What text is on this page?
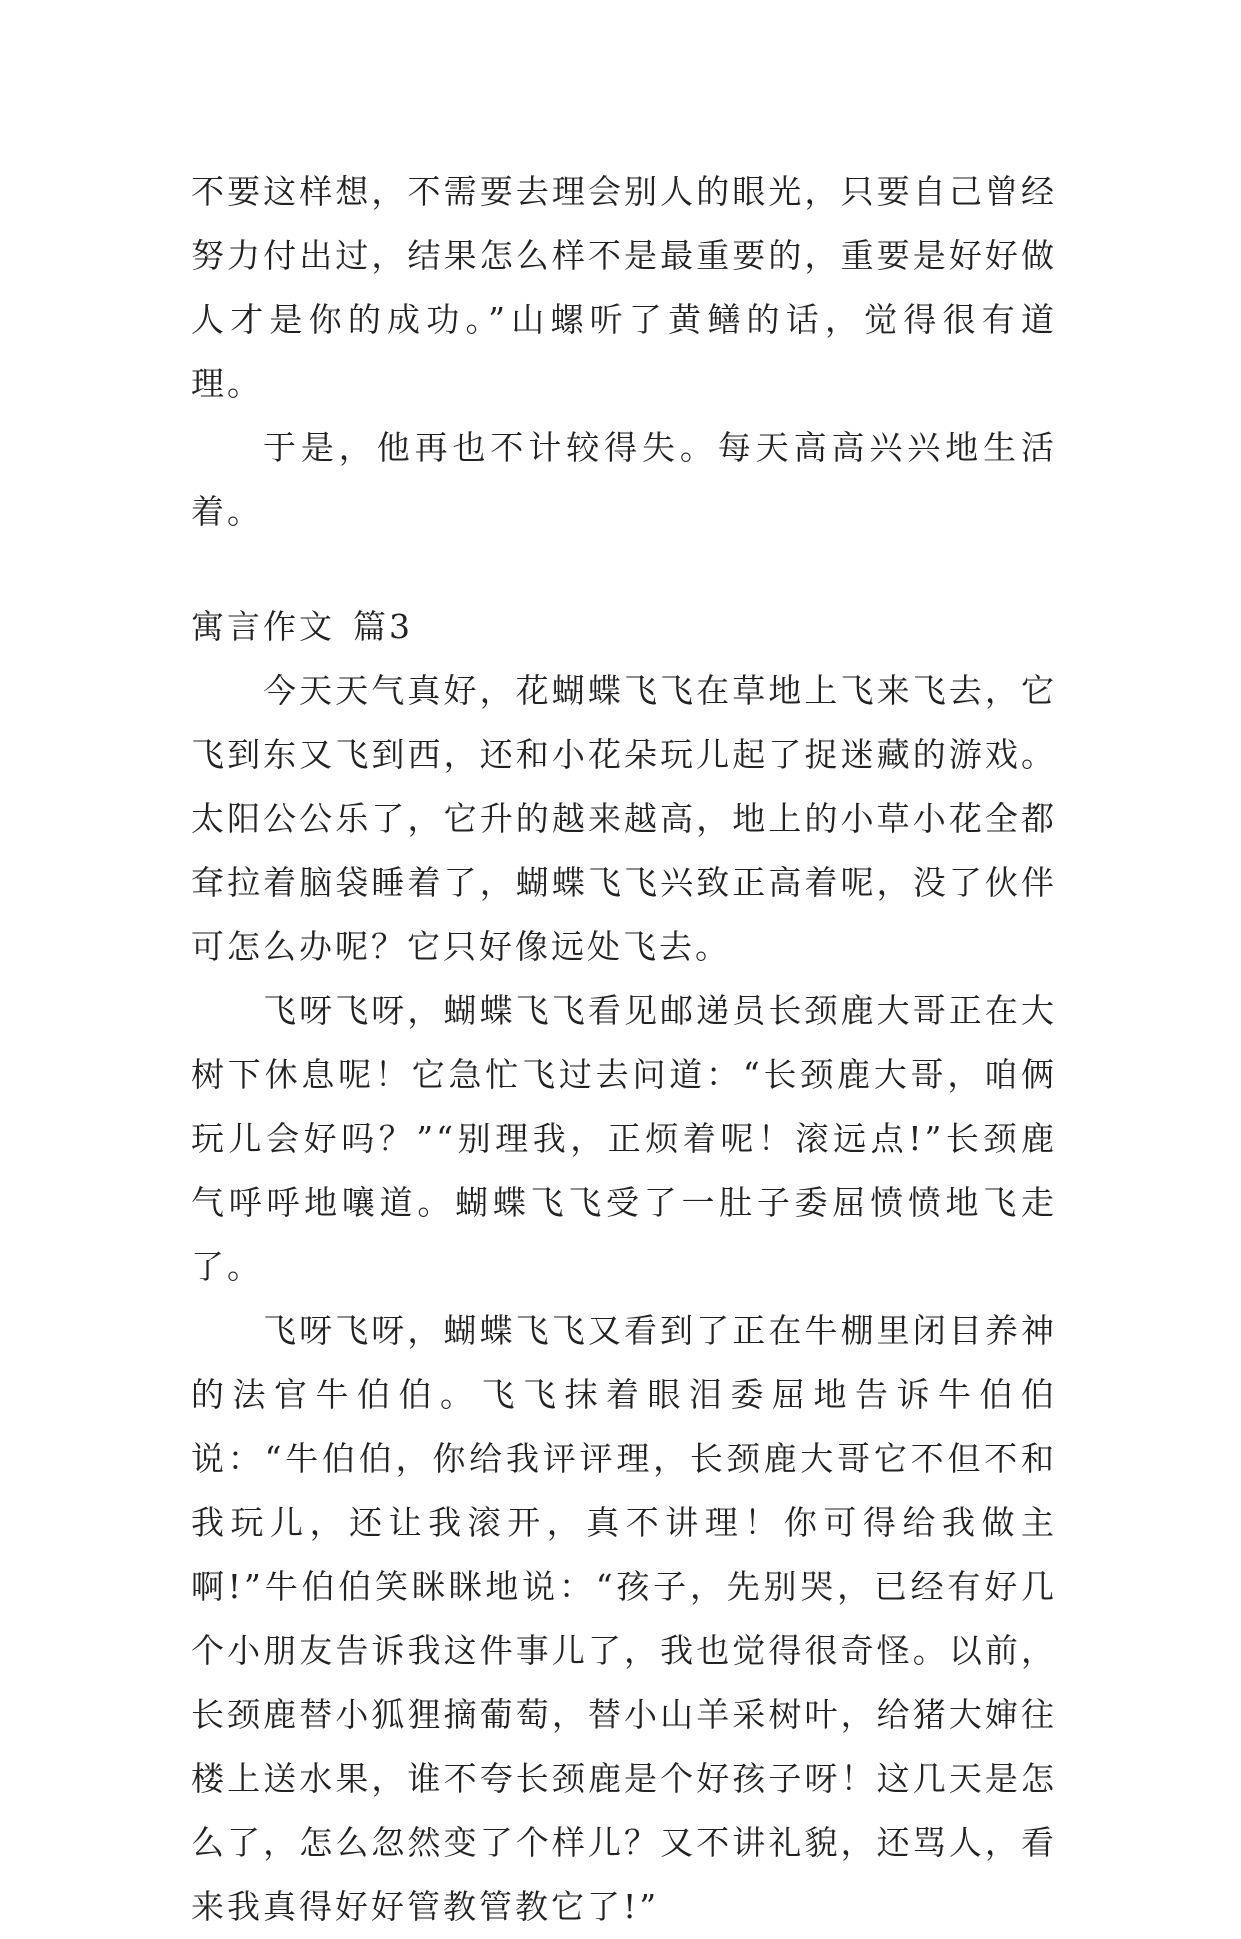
不要这样想，不需要去理会别人的眼光，只要自己曾经努力付出过，结果怎么样不是最重要的，重要是好好做人才是你的成功。”山螺听了黄鳝的话，觉得很有道理。

于是，他再也不计较得失。每天高高兴兴地生活着。

寓言作文 篇3

今天天气真好，花蝴蝶飞飞在草地上飞来飞去，它飞到东又飞到西，还和小花朵玩儿起了捉迷藏的游戏。太阳公公乐了，它升的越来越高，地上的小草小花全都耷拉着脑袋睡着了，蝴蝶飞飞兴致正高着呢，没了伙伴可怎么办呢？它只好像远处飞去。

飞呀飞呀，蝴蝶飞飞看见邮递员长颈鹿大哥正在大树下休息呢！它急忙飞过去问道：“长颈鹿大哥，咱俩玩儿会好吗？”“别理我，正烦着呢！滚远点!”长颈鹿气呼呼地嚷道。蝴蝶飞飞受了一肚子委屈愤愤地飞走了。

飞呀飞呀，蝴蝶飞飞又看到了正在牛棚里闭目养神的法官牛伯伯。飞飞抹着眼泪委屈地告诉牛伯伯说：“牛伯伯，你给我评评理，长颈鹿大哥它不但不和我玩儿，还让我滚开，真不讲理！你可得给我做主啊!”牛伯伯笑眯眯地说：“孩子，先别哭，已经有好几个小朋友告诉我这件事儿了，我也觉得很奇怪。以前，长颈鹿替小狐狸摘葡萄，替小山羊采树叶，给猪大婶往楼上送水果，谁不夸长颈鹿是个好孩子呀！这几天是怎么了，怎么忽然变了个样儿？又不讲礼貌，还骂人，看来我真得好好管教管教它了!”
